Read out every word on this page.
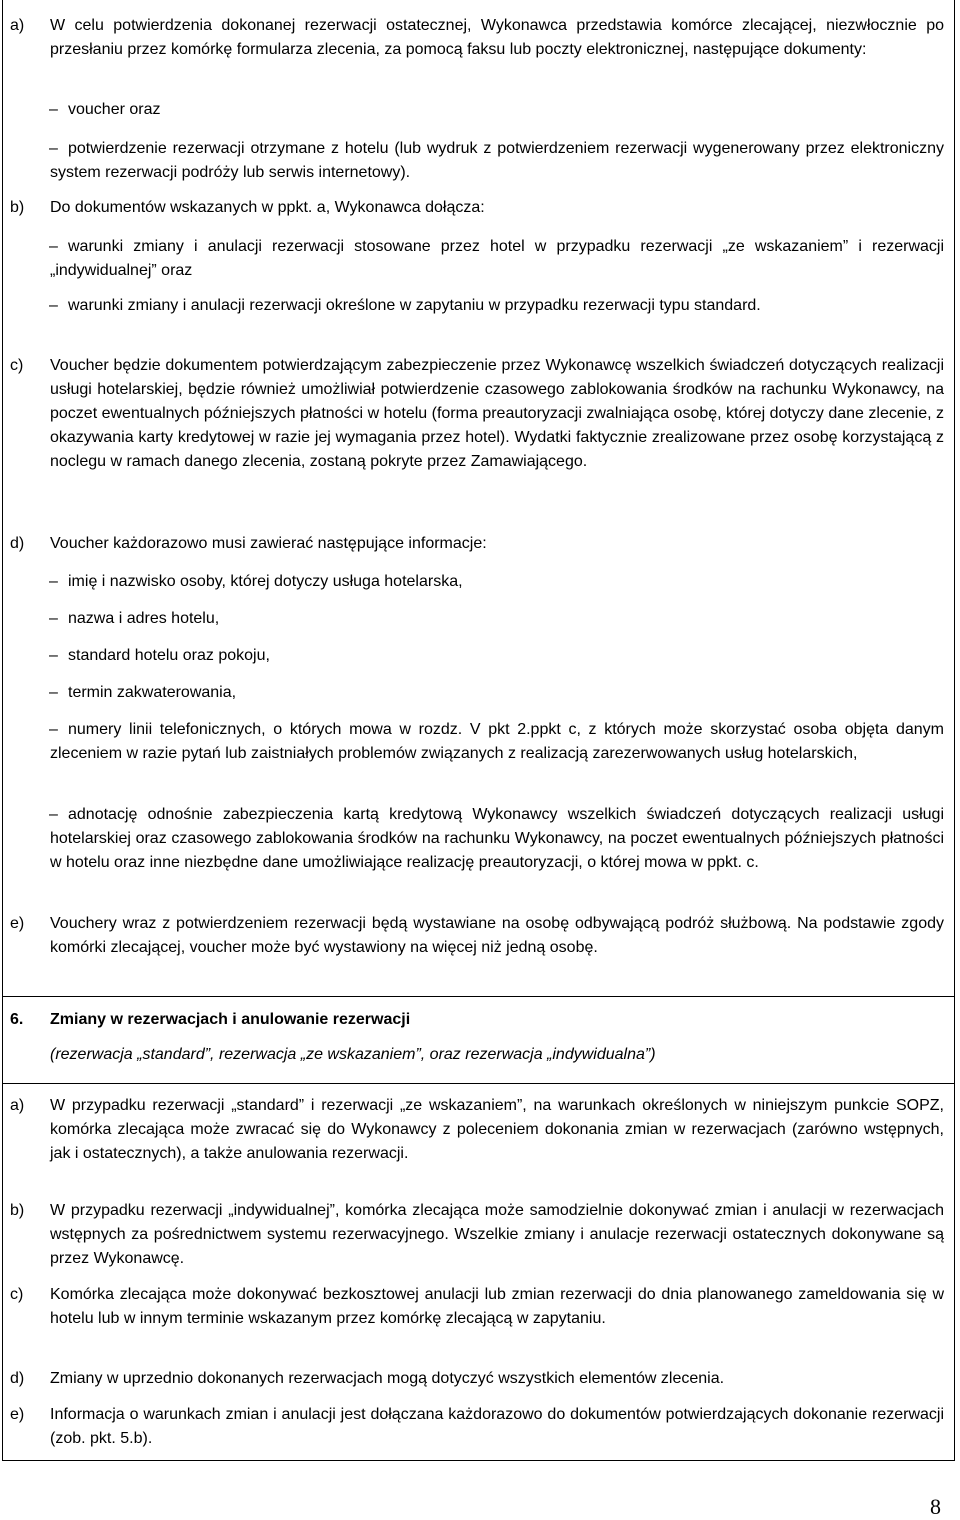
a) W celu potwierdzenia dokonanej rezerwacji ostatecznej, Wykonawca przedstawia komórce zlecającej, niezwłocznie po przesłaniu przez komórkę formularza zlecenia, za pomocą faksu lub poczty elektronicznej, następujące dokumenty:
– voucher oraz
– potwierdzenie rezerwacji otrzymane z hotelu (lub wydruk z potwierdzeniem rezerwacji wygenerowany przez elektroniczny system rezerwacji podróży lub serwis internetowy).
b) Do dokumentów wskazanych w ppkt. a, Wykonawca dołącza:
– warunki zmiany i anulacji rezerwacji stosowane przez hotel w przypadku rezerwacji „ze wskazaniem” i rezerwacji „indywidualnej” oraz
– warunki zmiany i anulacji rezerwacji określone w zapytaniu w przypadku rezerwacji typu standard.
c) Voucher będzie dokumentem potwierdzającym zabezpieczenie przez Wykonawcę wszelkich świadczeń dotyczących realizacji usługi hotelarskiej, będzie również umożliwiał potwierdzenie czasowego zablokowania środków na rachunku Wykonawcy, na poczet ewentualnych późniejszych płatności w hotelu (forma preautoryzacji zwalniająca osobę, której dotyczy dane zlecenie, z okazywania karty kredytowej w razie jej wymagania przez hotel). Wydatki faktycznie zrealizowane przez osobę korzystającą z noclegu w ramach danego zlecenia, zostaną pokryte przez Zamawiającego.
d) Voucher każdorazowo musi zawierać następujące informacje:
– imię i nazwisko osoby, której dotyczy usługa hotelarska,
– nazwa i adres hotelu,
– standard hotelu oraz pokoju,
– termin zakwaterowania,
– numery linii telefonicznych, o których mowa w rozdz. V pkt 2.ppkt c, z których może skorzystać osoba objęta danym zleceniem w razie pytań lub zaistniałych problemów związanych z realizacją zarezerwowanych usług hotelarskich,
– adnotację odnośnie zabezpieczenia kartą kredytową Wykonawcy wszelkich świadczeń dotyczących realizacji usługi hotelarskiej oraz czasowego zablokowania środków na rachunku Wykonawcy, na poczet ewentualnych późniejszych płatności w hotelu oraz inne niezbędne dane umożliwiające realizację preautoryzacji, o której mowa w ppkt. c.
e) Vouchery wraz z potwierdzeniem rezerwacji będą wystawiane na osobę odbywającą podróż służbową. Na podstawie zgody komórki zlecającej, voucher może być wystawiony na więcej niż jedną osobę.
6. Zmiany w rezerwacjach i anulowanie rezerwacji
(rezerwacja „standard”, rezerwacja „ze wskazaniem”, oraz rezerwacja „indywidualna”)
a) W przypadku rezerwacji „standard” i rezerwacji „ze wskazaniem”, na warunkach określonych w niniejszym punkcie SOPZ, komórka zlecająca może zwracać się do Wykonawcy z poleceniem dokonania zmian w rezerwacjach (zarówno wstępnych, jak i ostatecznych), a także anulowania rezerwacji.
b) W przypadku rezerwacji „indywidualnej”, komórka zlecająca może samodzielnie dokonywać zmian i anulacji w rezerwacjach wstępnych za pośrednictwem systemu rezerwacyjnego. Wszelkie zmiany i anulacje rezerwacji ostatecznych dokonywane są przez Wykonawcę.
c) Komórka zlecająca może dokonywać bezkosztowej anulacji lub zmian rezerwacji do dnia planowanego zameldowania się w hotelu lub w innym terminie wskazanym przez komórkę zlecającą w zapytaniu.
d) Zmiany w uprzednio dokonanych rezerwacjach mogą dotyczyć wszystkich elementów zlecenia.
e) Informacja o warunkach zmian i anulacji jest dołączana każdorazowo do dokumentów potwierdzających dokonanie rezerwacji (zob. pkt. 5.b).
8
